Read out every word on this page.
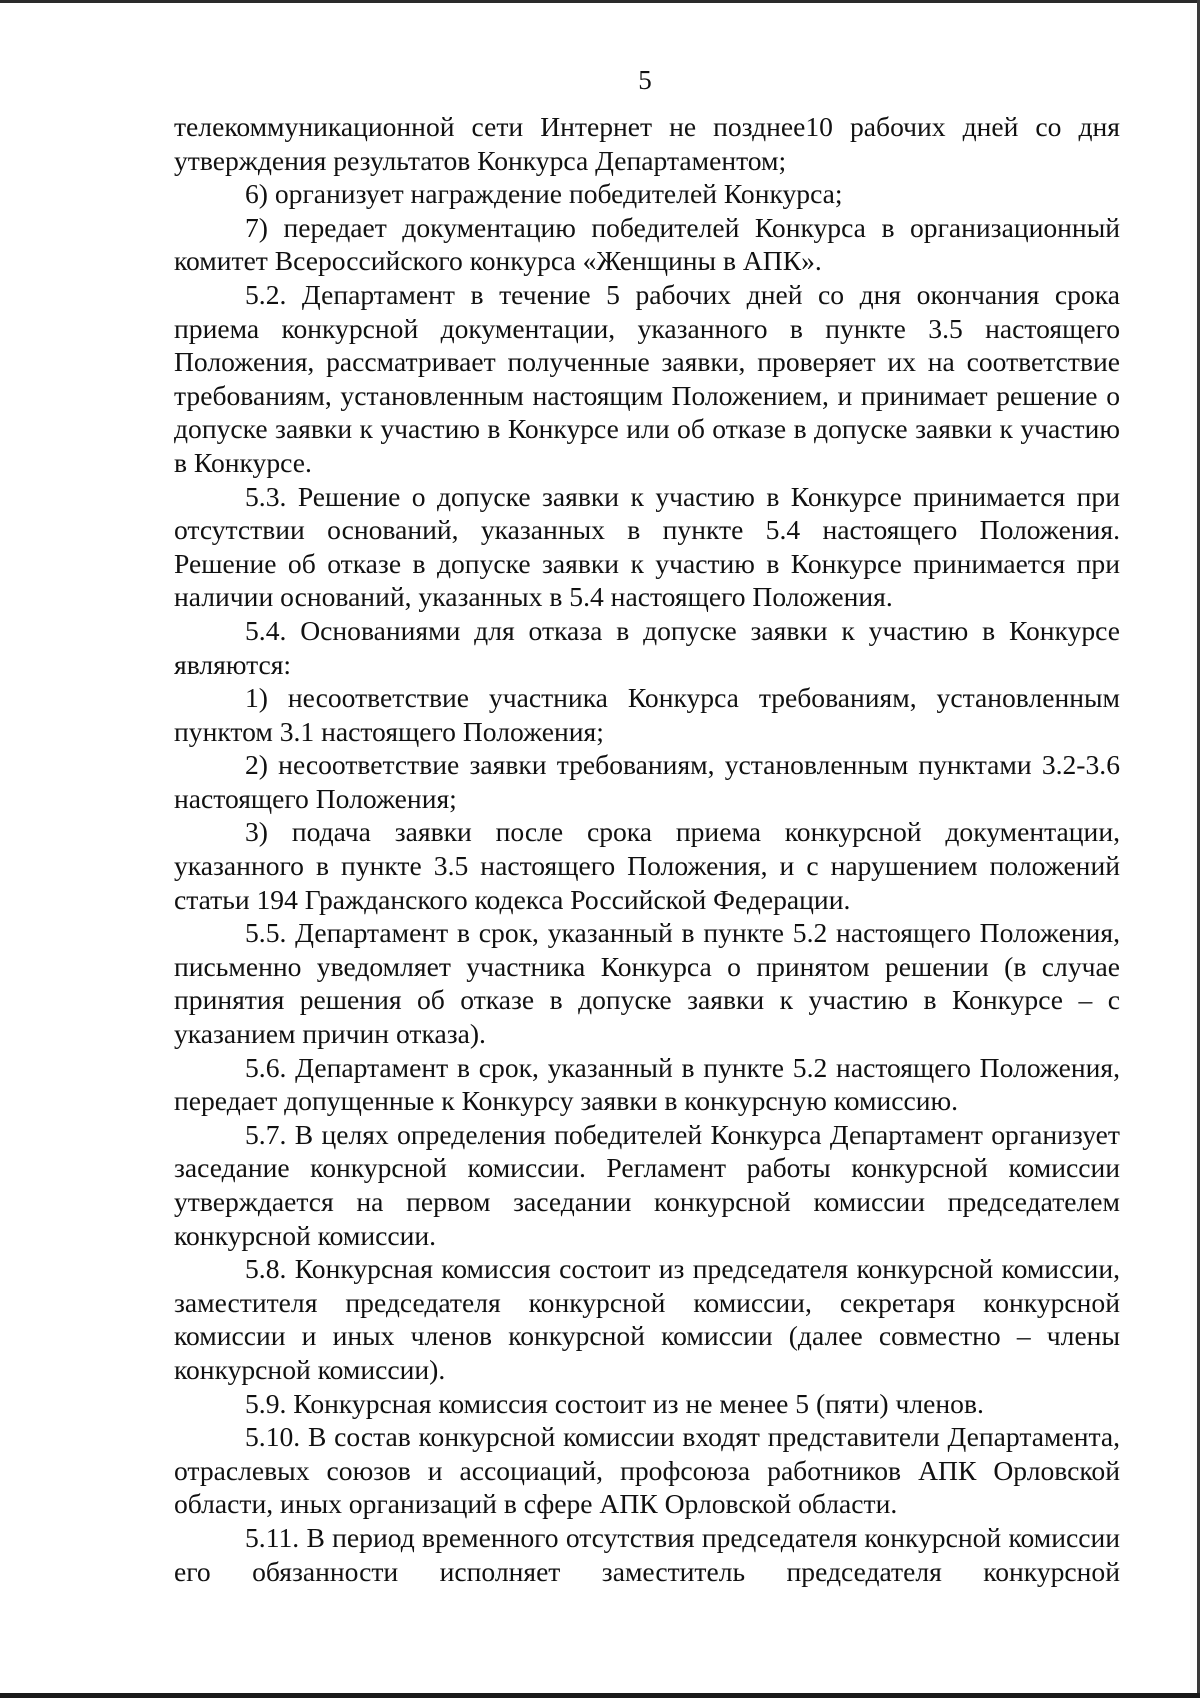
5

телекоммуникационной сети Интернет не позднее10 рабочих дней со дня утверждения результатов Конкурса Департаментом;

6) организует награждение победителей Конкурса;

7) передает документацию победителей Конкурса в организационный комитет Всероссийского конкурса «Женщины в АПК».

5.2. Департамент в течение 5 рабочих дней со дня окончания срока приема конкурсной документации, указанного в пункте 3.5 настоящего Положения, рассматривает полученные заявки, проверяет их на соответствие требованиям, установленным настоящим Положением, и принимает решение о допуске заявки к участию в Конкурсе или об отказе в допуске заявки к участию в Конкурсе.

5.3. Решение о допуске заявки к участию в Конкурсе принимается при отсутствии оснований, указанных в пункте 5.4 настоящего Положения. Решение об отказе в допуске заявки к участию в Конкурсе принимается при наличии оснований, указанных в 5.4 настоящего Положения.

5.4. Основаниями для отказа в допуске заявки к участию в Конкурсе являются:

1) несоответствие участника Конкурса требованиям, установленным пунктом 3.1 настоящего Положения;

2) несоответствие заявки требованиям, установленным пунктами 3.2-3.6 настоящего Положения;

3) подача заявки после срока приема конкурсной документации, указанного в пункте 3.5 настоящего Положения, и с нарушением положений статьи 194 Гражданского кодекса Российской Федерации.

5.5. Департамент в срок, указанный в пункте 5.2 настоящего Положения, письменно уведомляет участника Конкурса о принятом решении (в случае принятия решения об отказе в допуске заявки к участию в Конкурсе – с указанием причин отказа).

5.6. Департамент в срок, указанный в пункте 5.2 настоящего Положения, передает допущенные к Конкурсу заявки в конкурсную комиссию.

5.7. В целях определения победителей Конкурса Департамент организует заседание конкурсной комиссии. Регламент работы конкурсной комиссии утверждается на первом заседании конкурсной комиссии председателем конкурсной комиссии.

5.8. Конкурсная комиссия состоит из председателя конкурсной комиссии, заместителя председателя конкурсной комиссии, секретаря конкурсной комиссии и иных членов конкурсной комиссии (далее совместно – члены конкурсной комиссии).

5.9. Конкурсная комиссия состоит из не менее 5 (пяти) членов.

5.10. В состав конкурсной комиссии входят представители Департамента, отраслевых союзов и ассоциаций, профсоюза работников АПК Орловской области, иных организаций в сфере АПК Орловской области.

5.11. В период временного отсутствия председателя конкурсной комиссии его обязанности исполняет заместитель председателя конкурсной
